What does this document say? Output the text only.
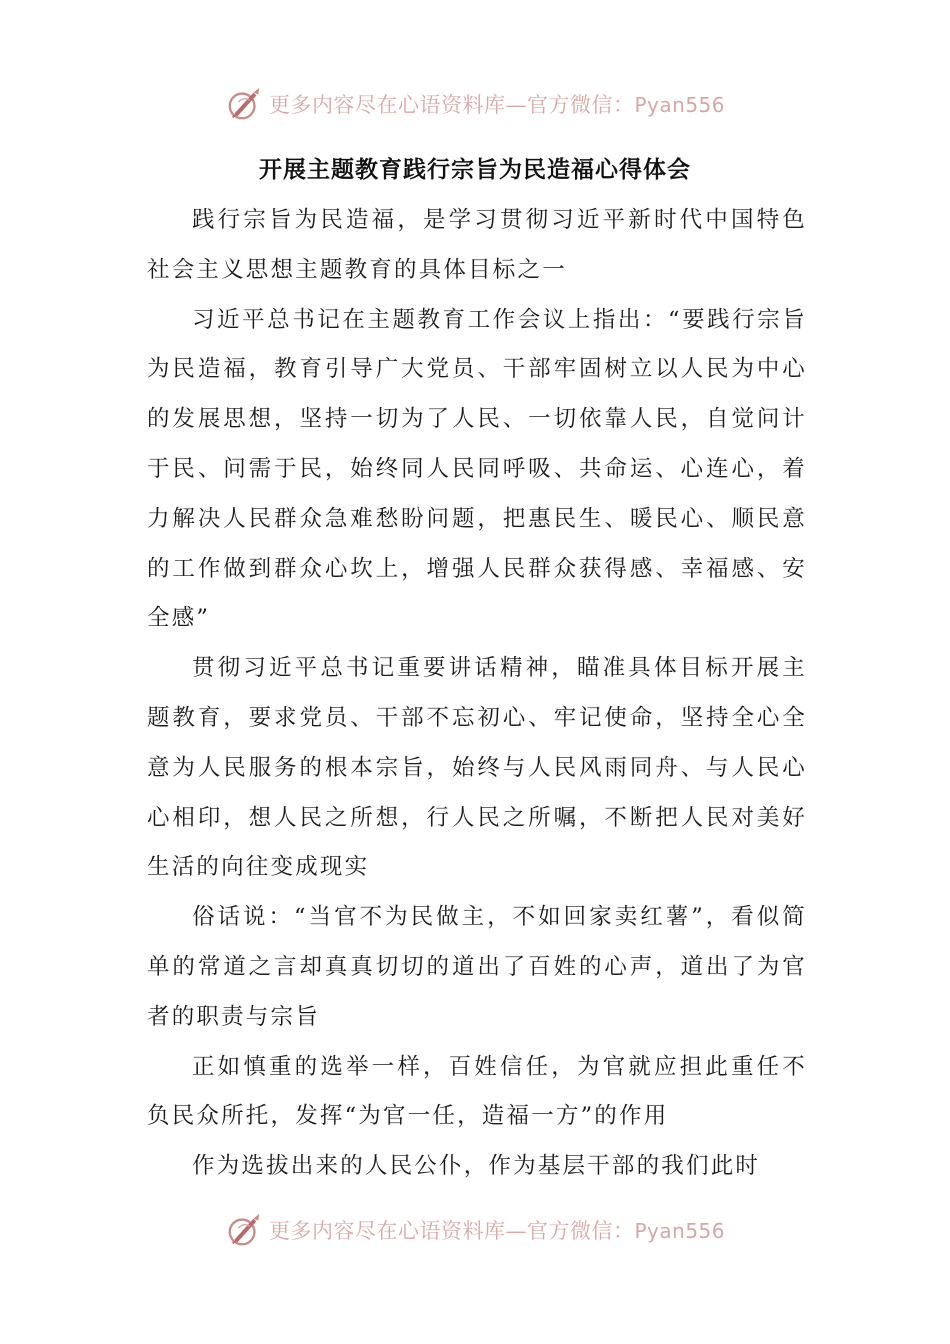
更多内容尽在心语资料库—官方微信：Pyan556
开展主题教育践行宗旨为民造福心得体会

践行宗旨为民造福，是学习贯彻习近平新时代中国特色社会主义思想主题教育的具体目标之一

习近平总书记在主题教育工作会议上指出：“要践行宗旨为民造福，教育引导广大党员、干部牢固树立以人民为中心的发展思想，坚持一切为了人民、一切依靠人民，自觉问计于民、问需于民，始终同人民同呼吸、共命运、心连心，着力解决人民群众急难愁盼问题，把惠民生、暖民心、顺民意的工作做到群众心坎上，增强人民群众获得感、幸福感、安全感”

贯彻习近平总书记重要讲话精神，瞄准具体目标开展主题教育，要求党员、干部不忘初心、牢记使命，坚持全心全意为人民服务的根本宗旨，始终与人民风雨同舟、与人民心心相印，想人民之所想，行人民之所嘱，不断把人民对美好生活的向往变成现实

俗话说：“当官不为民做主，不如回家卖红薯”，看似简单的常道之言却真真切切的道出了百姓的心声，道出了为官者的职责与宗旨

正如慎重的选举一样，百姓信任，为官就应担此重任不负民众所托，发挥“为官一任，造福一方”的作用

作为选拔出来的人民公仆，作为基层干部的我们此时

更多内容尽在心语资料库—官方微信：Pyan556
